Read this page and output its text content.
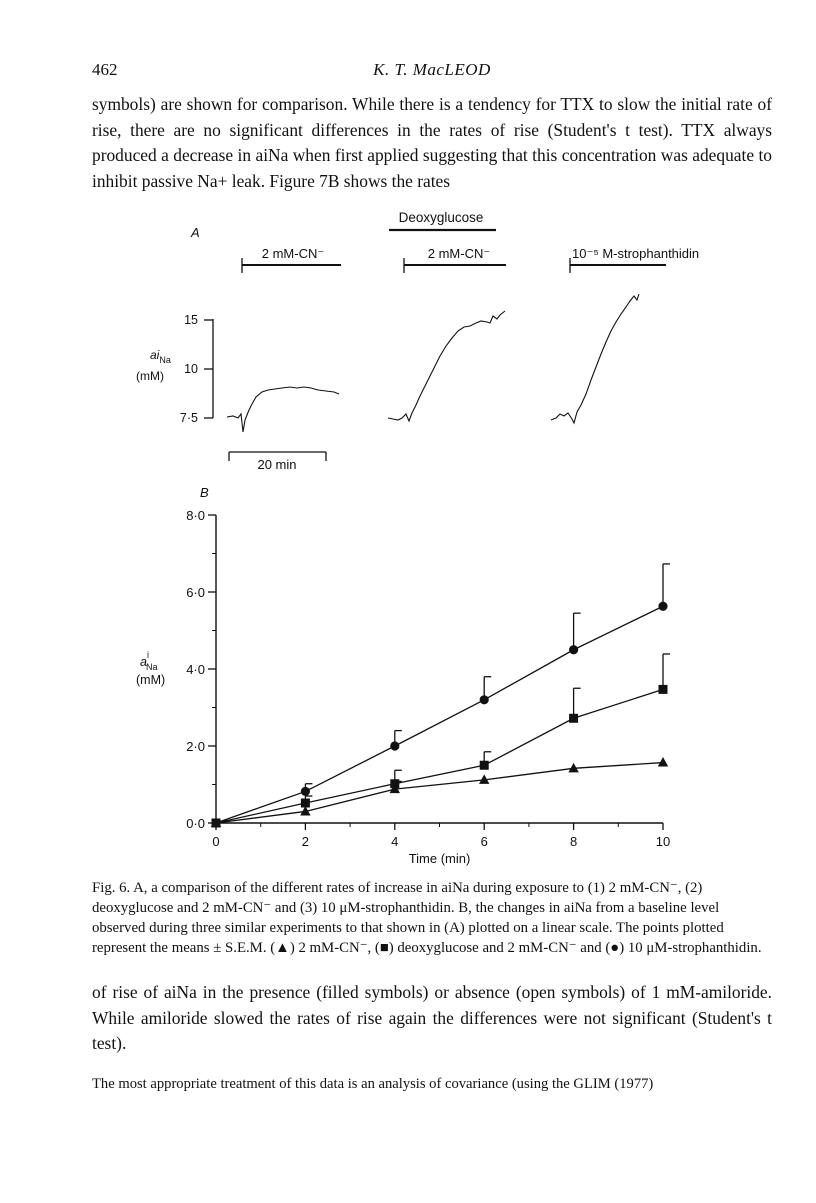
462	K. T. MacLEOD

symbols) are shown for comparison. While there is a tendency for TTX to slow the initial rate of rise, there are no significant differences in the rates of rise (Student's t test). TTX always produced a decrease in aiNa when first applied suggesting that this concentration was adequate to inhibit passive Na+ leak. Figure 7B shows the rates

A
Deoxyglucose
2 mM-CN⁻	2 mM-CN⁻	10⁻⁵ M-strophanthidin
15
10
7·5
$ai_{Na}$
(mM)
20 min
B
0·0
2·0
4·0
6·0
8·0
0	2	4	6	8	10
Time (min)
$a^i$ Na
(mM)

Fig. 6. A, a comparison of the different rates of increase in aiNa during exposure to (1) 2 mM-CN⁻, (2) deoxyglucose and 2 mM-CN⁻ and (3) 10 μM-strophanthidin. B, the changes in aiNa from a baseline level observed during three similar experiments to that shown in (A) plotted on a linear scale. The points plotted represent the means ± S.E.M. (▲) 2 mM-CN⁻, (■) deoxyglucose and 2 mM-CN⁻ and (●) 10 μM-strophanthidin.

of rise of aiNa in the presence (filled symbols) or absence (open symbols) of 1 mM-amiloride. While amiloride slowed the rates of rise again the differences were not significant (Student's t test).

The most appropriate treatment of this data is an analysis of covariance (using the GLIM (1977)
